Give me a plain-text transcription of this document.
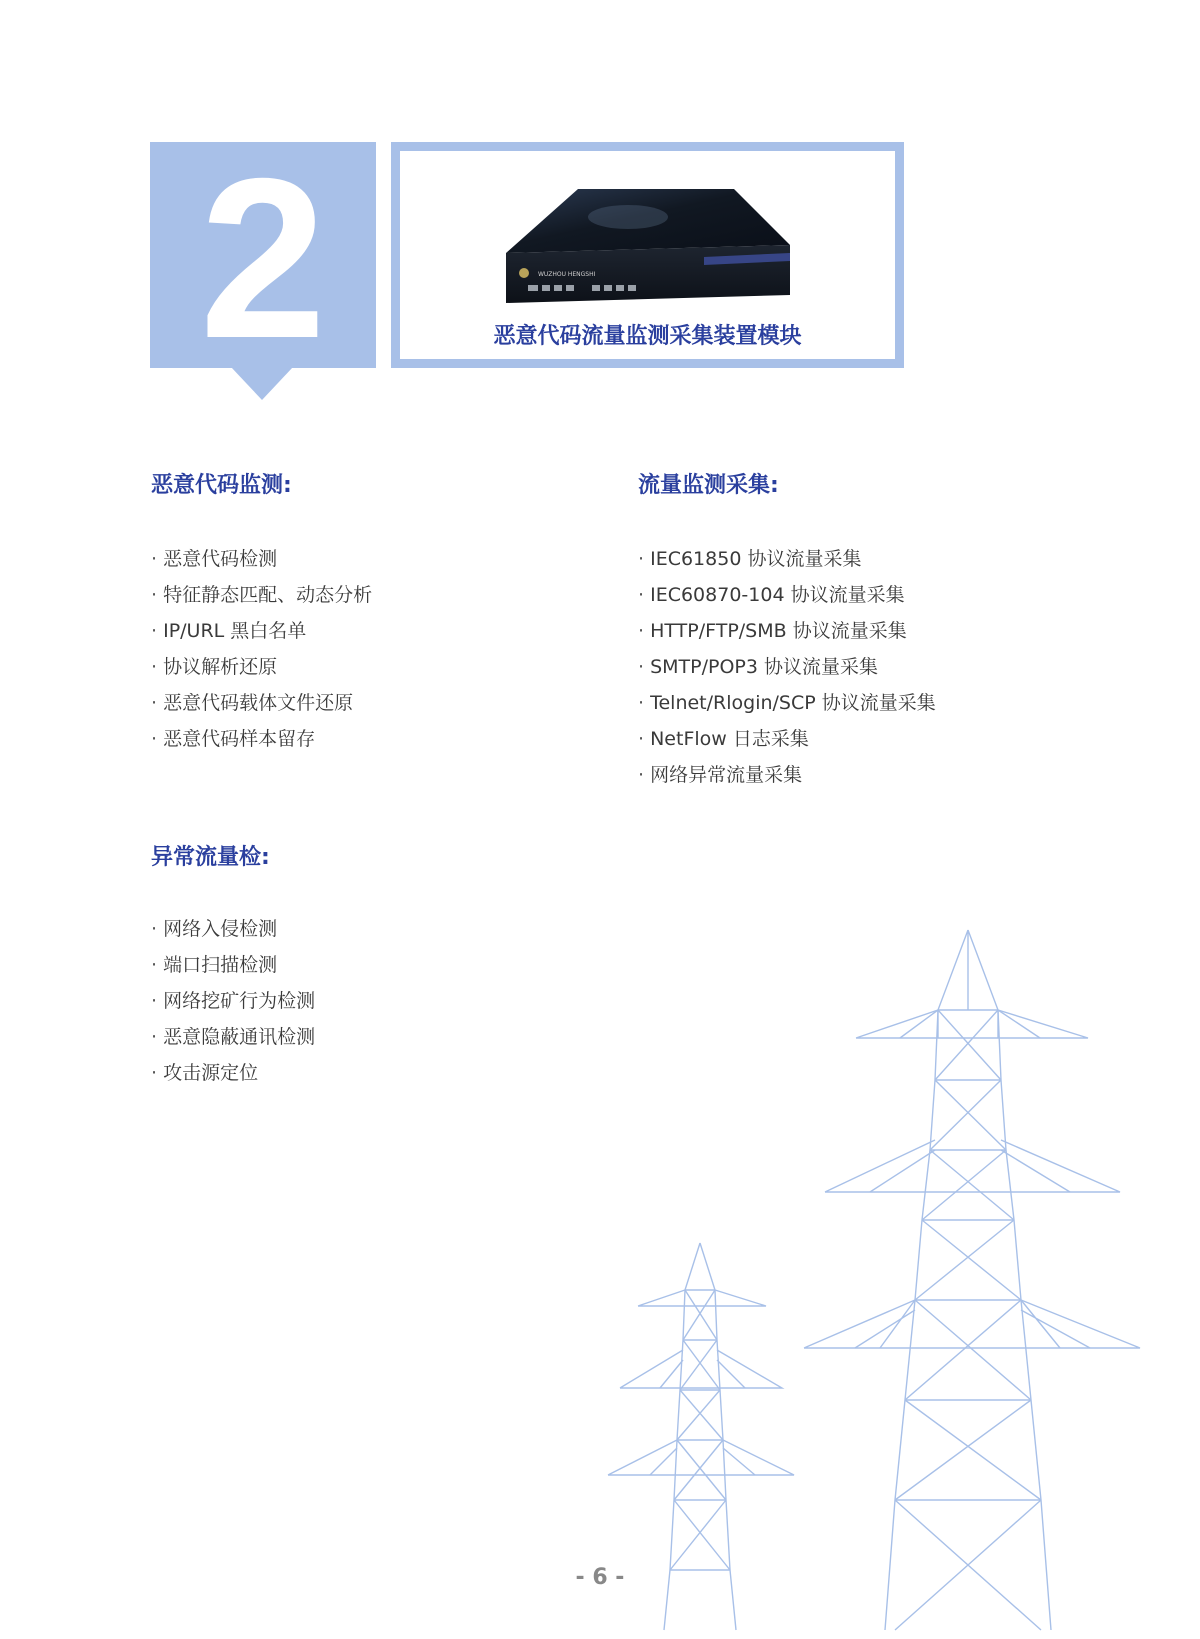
2	WUZHOU HENGSHI
恶意代码流量监测采集装置模块
恶意代码监测:
· 恶意代码检测
· 特征静态匹配、动态分析
· IP/URL 黑白名单
· 协议解析还原
· 恶意代码载体文件还原
· 恶意代码样本留存
流量监测采集:
· IEC61850 协议流量采集
· IEC60870-104 协议流量采集
· HTTP/FTP/SMB 协议流量采集
· SMTP/POP3 协议流量采集
· Telnet/Rlogin/SCP 协议流量采集
· NetFlow 日志采集
· 网络异常流量采集
异常流量检:
· 网络入侵检测
· 端口扫描检测
· 网络挖矿行为检测
· 恶意隐蔽通讯检测
· 攻击源定位
- 6 -
